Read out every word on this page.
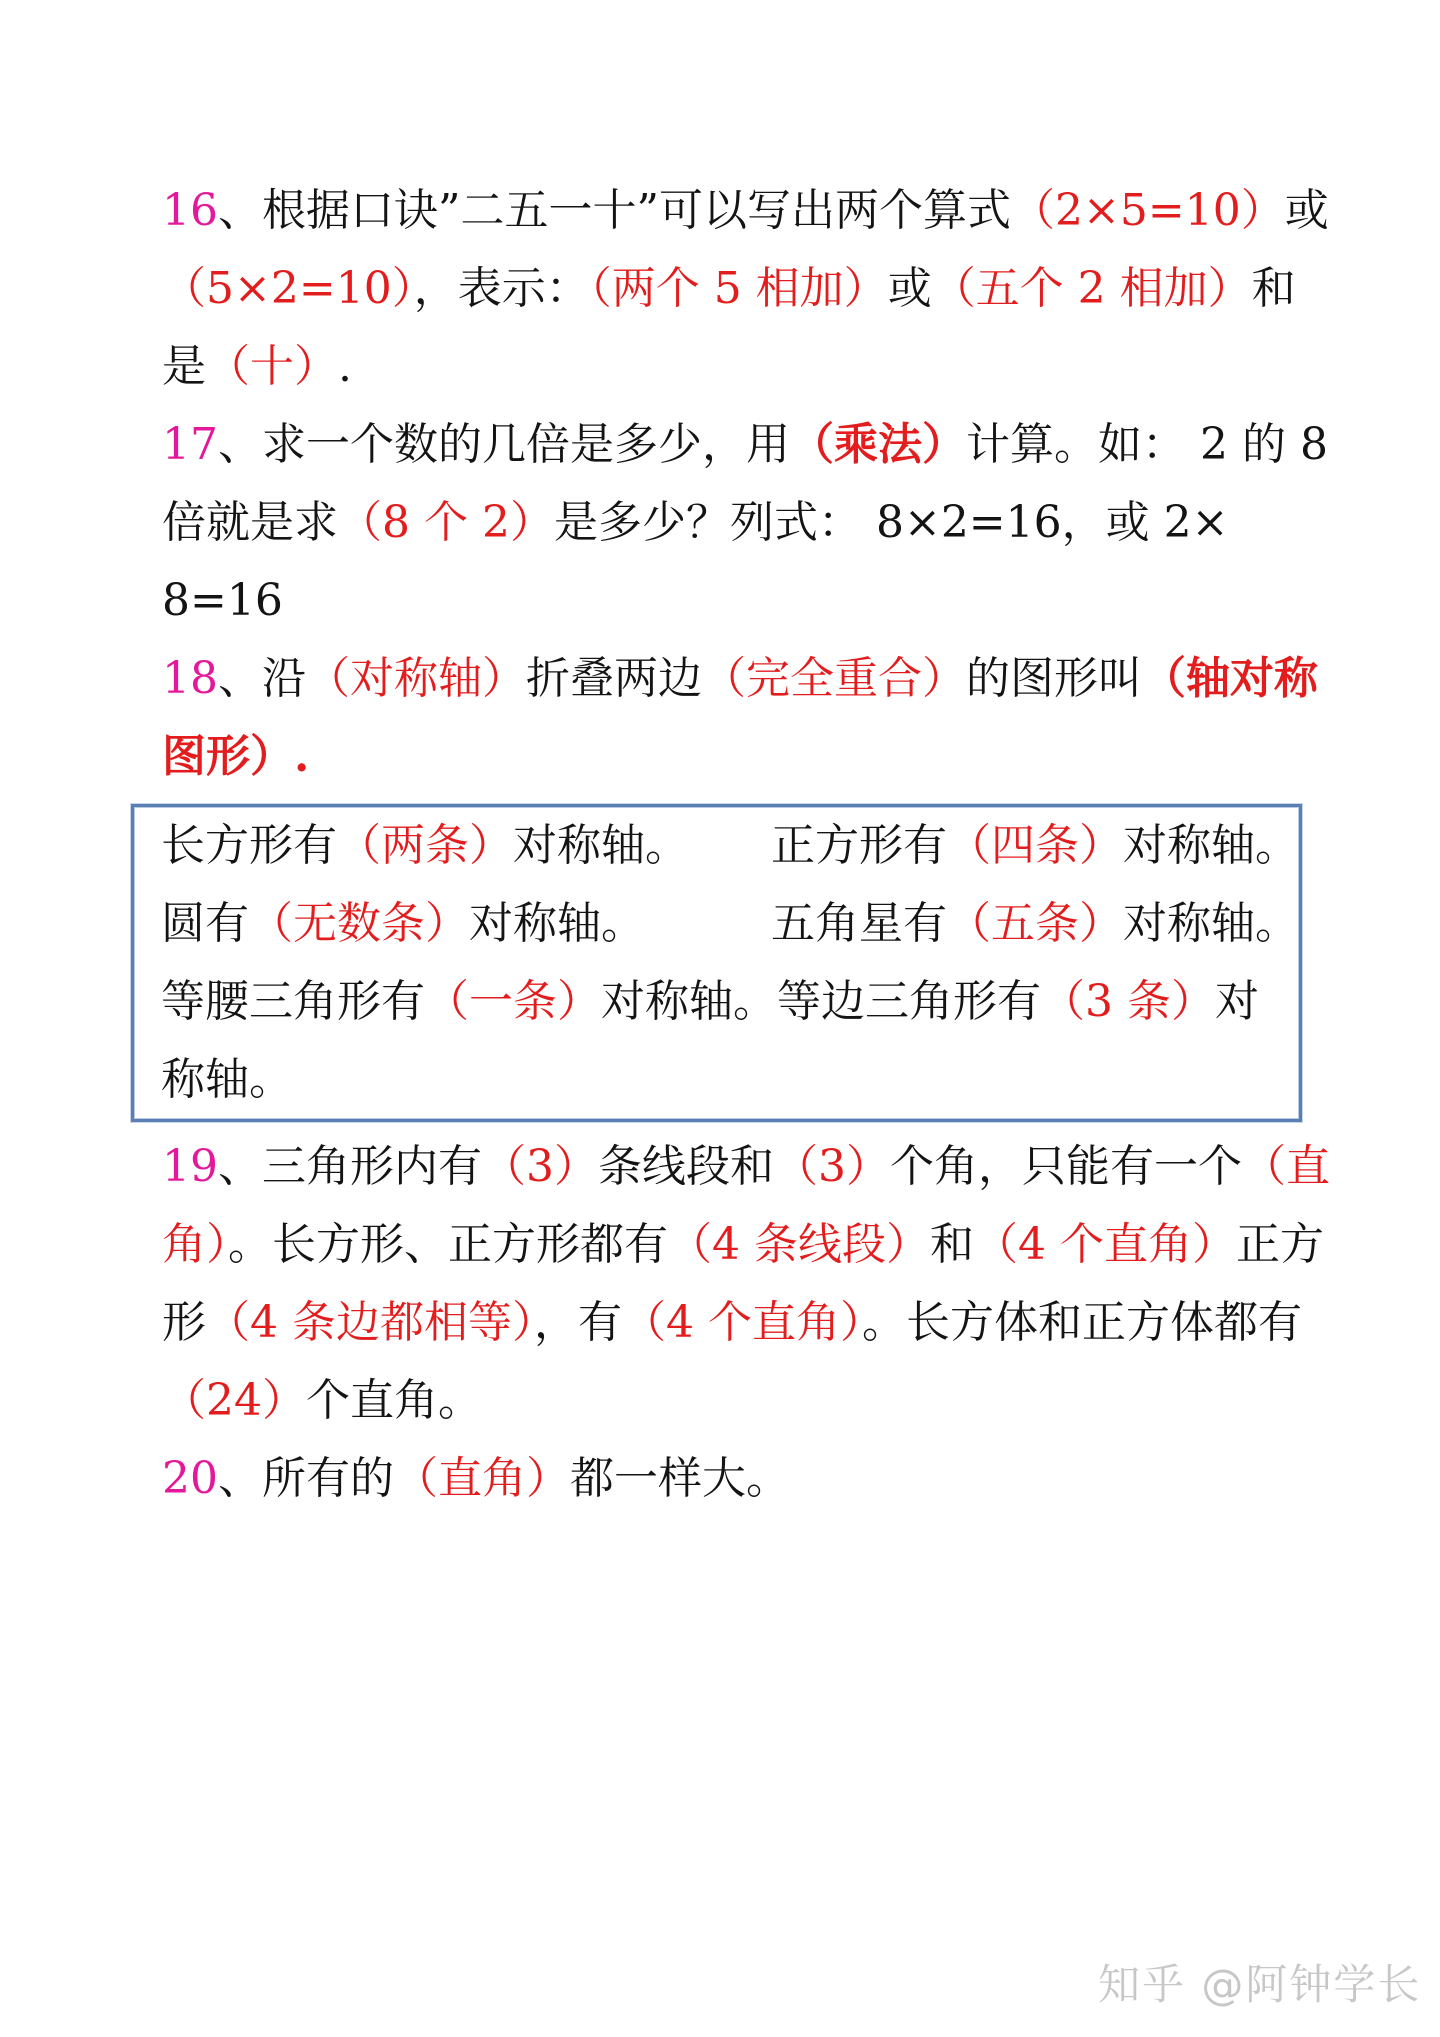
16、根据口诀”二五一十”可以写出两个算式（2×5=10）或（5×2=10），表示：（两个 5 相加）或（五个 2 相加）和是（十）.

17、求一个数的几倍是多少，用（乘法）计算。如： 2 的 8 倍就是求（8 个 2）是多少？列式： 8×2=16，或 2× 8=16

18、沿（对称轴）折叠两边（完全重合）的图形叫（轴对称图形）.

长方形有（两条）对称轴。	正方形有（四条）对称轴。
圆有（无数条）对称轴。	五角星有（五条）对称轴。

等腰三角形有（一条）对称轴。等边三角形有（3 条）对称轴。

19、三角形内有（3）条线段和（3）个角，只能有一个（直角）。长方形、正方形都有（4 条线段）和（4 个直角）正方形（4 条边都相等），有（4 个直角）。长方体和正方体都有（24）个直角。

20、所有的（直角）都一样大。

知乎 @阿钟学长
